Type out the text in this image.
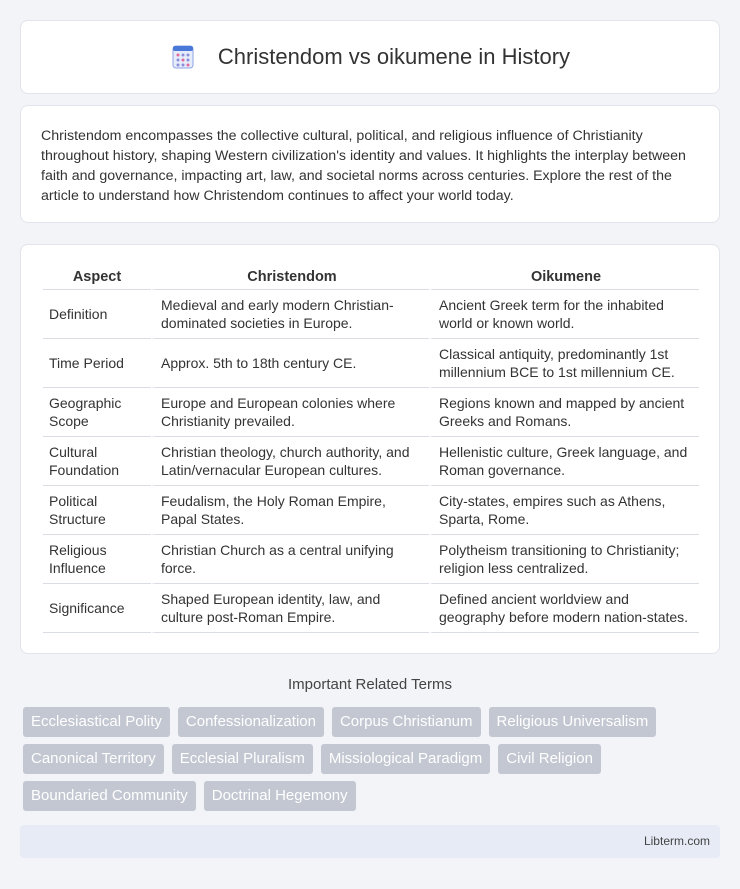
Christendom vs oikumene in History

Christendom encompasses the collective cultural, political, and religious influence of Christianity throughout history, shaping Western civilization's identity and values. It highlights the interplay between faith and governance, impacting art, law, and societal norms across centuries. Explore the rest of the article to understand how Christendom continues to affect your world today.

Aspect	Christendom	Oikumene
Definition	Medieval and early modern Christian-dominated societies in Europe.	Ancient Greek term for the inhabited world or known world.
Time Period	Approx. 5th to 18th century CE.	Classical antiquity, predominantly 1st millennium BCE to 1st millennium CE.
Geographic Scope	Europe and European colonies where Christianity prevailed.	Regions known and mapped by ancient Greeks and Romans.
Cultural Foundation	Christian theology, church authority, and Latin/vernacular European cultures.	Hellenistic culture, Greek language, and Roman governance.
Political Structure	Feudalism, the Holy Roman Empire, Papal States.	City-states, empires such as Athens, Sparta, Rome.
Religious Influence	Christian Church as a central unifying force.	Polytheism transitioning to Christianity; religion less centralized.
Significance	Shaped European identity, law, and culture post-Roman Empire.	Defined ancient worldview and geography before modern nation-states.
Important Related Terms
Ecclesiastical Polity	Confessionalization	Corpus Christianum	Religious Universalism
Canonical Territory	Ecclesial Pluralism	Missiological Paradigm	Civil Religion
Boundaried Community	Doctrinal Hegemony
Libterm.com
